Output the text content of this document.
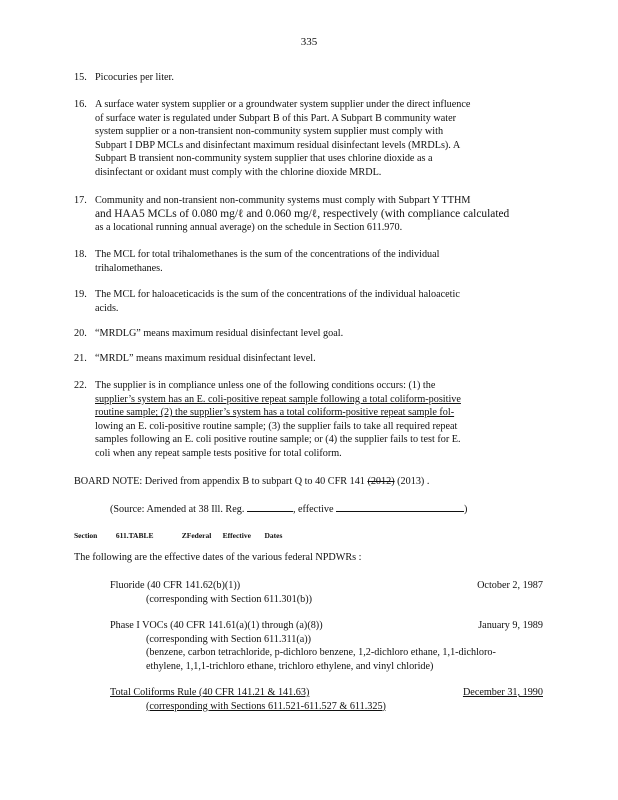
335
15. Picocuries per liter.
16. A surface water system supplier or a groundwater system supplier under the direct influence
of surface water is regulated under Subpart B of this Part. A Subpart B community water
system supplier or a non-transient non-community system supplier must comply with
Subpart I DBP MCLs and disinfectant maximum residual disinfectant levels (MRDLs). A
Subpart B transient non-community system supplier that uses chlorine dioxide as a
disinfectant or oxidant must comply with the chlorine dioxide MRDL.
17. Community and non-transient non-community systems must comply with Subpart Y TTHM
and HAA5 MCLs of 0.080 mg/ℓ and 0.060 mg/ℓ, respectively (with compliance calculated
as a locational running annual average) on the schedule in Section 611.970.
18. The MCL for total trihalomethanes is the sum of the concentrations of the individual
trihalomethanes.
19. The MCL for haloaceticacids is the sum of the concentrations of the individual haloacetic
acids.
20. “MRDLG” means maximum residual disinfectant level goal.
21. “MRDL” means maximum residual disinfectant level.
22. The supplier is in compliance unless one of the following conditions occurs: (1) the
supplier’s system has an E. coli-positive repeat sample following a total coliform-positive
routine sample; (2) the supplier’s system has a total coliform-positive repeat sample fol-
lowing an E. coli-positive routine sample; (3) the supplier fails to take all required repeat
samples following an E. coli positive routine sample; or (4) the supplier fails to test for E.
coli when any repeat sample tests positive for total coliform.
BOARD NOTE: Derived from appendix B to subpart Q to 40 CFR 141 (2012) (2013) .
(Source: Amended at 38 Ill. Reg.	, effective	)
Section 611.TABLE	ZFederal Effective Dates
The following are the effective dates of the various federal NPDWRs :
Fluoride (40 CFR 141.62(b)(1))	October 2, 1987
(corresponding with Section 611.301(b))
Phase I VOCs (40 CFR 141.61(a)(1) through (a)(8))	January 9, 1989
(corresponding with Section 611.311(a))
(benzene, carbon tetrachloride, p-dichloro benzene, 1,2-dichloro ethane, 1,1-dichloro-
ethylene, 1,1,1-trichloro ethane, trichloro ethylene, and vinyl chloride)
Total Coliforms Rule (40 CFR 141.21 & 141.63)	December 31, 1990
(corresponding with Sections 611.521-611.527 & 611.325)
